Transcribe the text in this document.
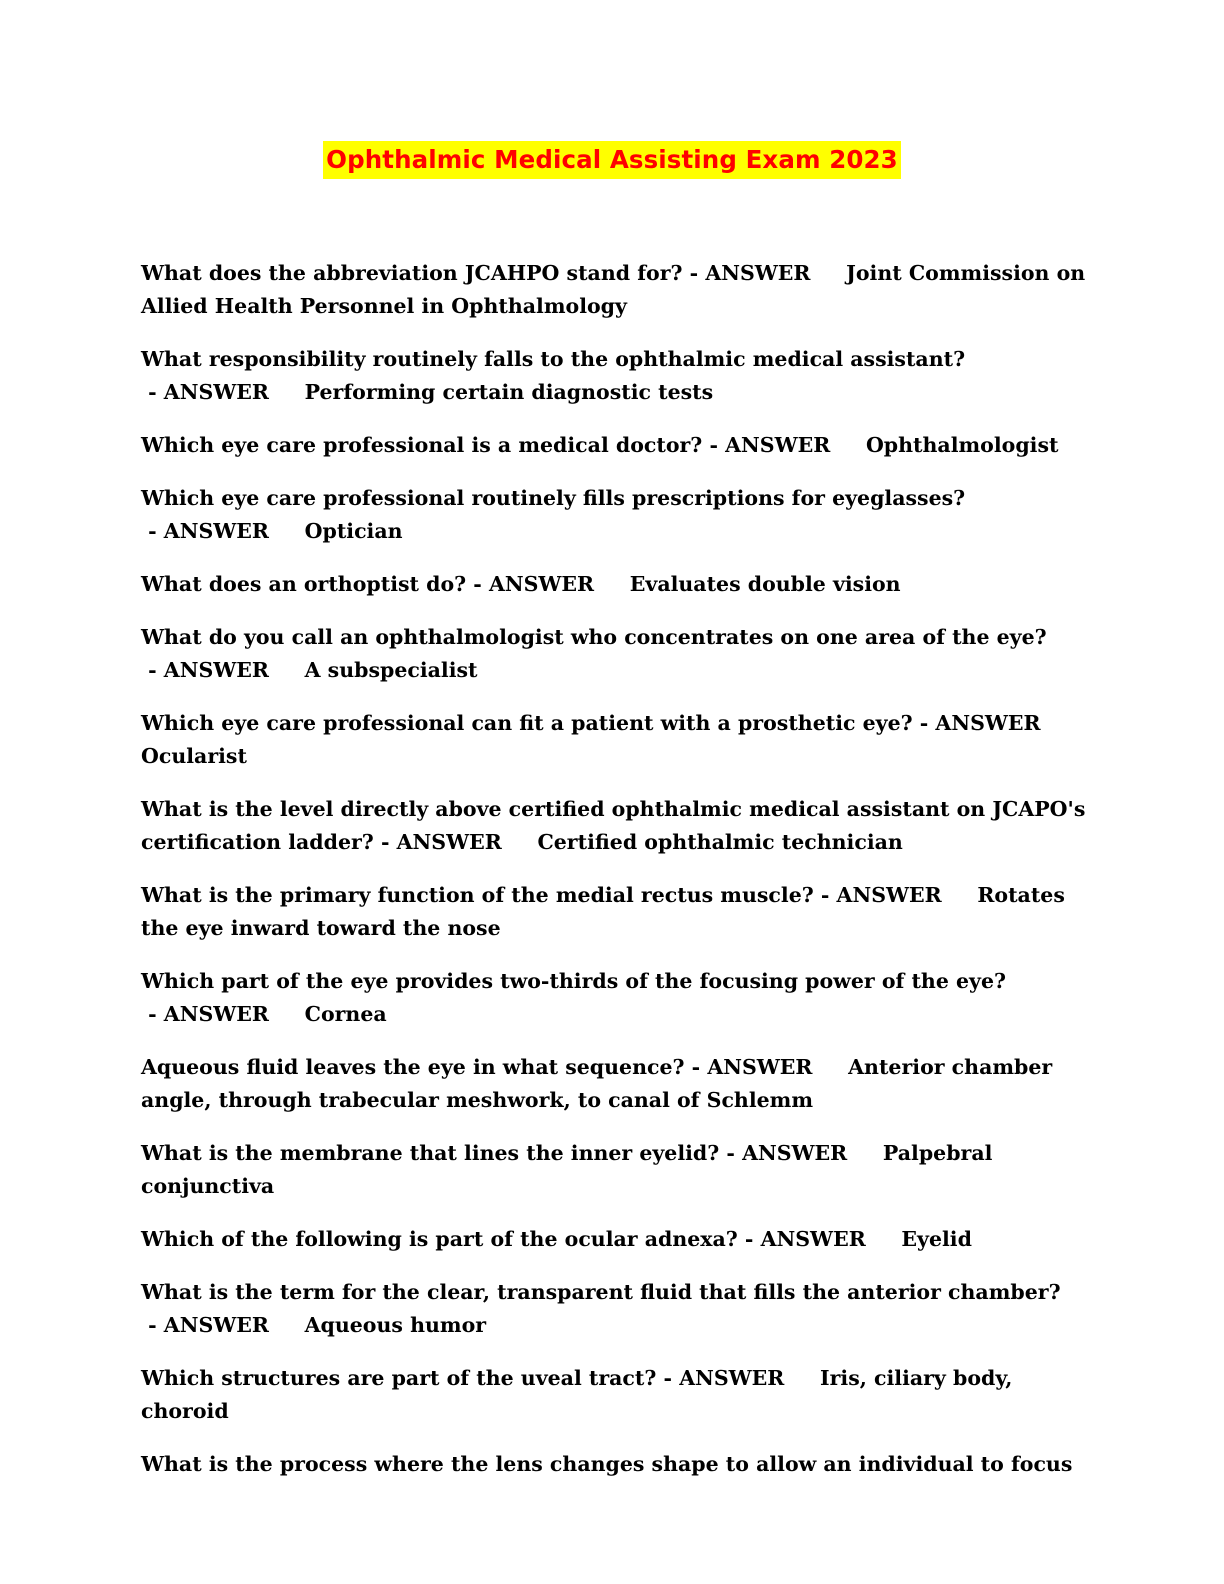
Ophthalmic Medical Assisting Exam 2023

What does the abbreviation JCAHPO stand for? - ANSWER Joint Commission on Allied Health Personnel in Ophthalmology

What responsibility routinely falls to the ophthalmic medical assistant? - ANSWER Performing certain diagnostic tests

Which eye care professional is a medical doctor? - ANSWER Ophthalmologist

Which eye care professional routinely fills prescriptions for eyeglasses? - ANSWER Optician

What does an orthoptist do? - ANSWER Evaluates double vision

What do you call an ophthalmologist who concentrates on one area of the eye? - ANSWER A subspecialist

Which eye care professional can fit a patient with a prosthetic eye? - ANSWER     Ocularist

What is the level directly above certified ophthalmic medical assistant on JCAPO's certification ladder? - ANSWER Certified ophthalmic technician

What is the primary function of the medial rectus muscle? - ANSWER Rotates the eye inward toward the nose

Which part of the eye provides two-thirds of the focusing power of the eye? - ANSWER Cornea

Aqueous fluid leaves the eye in what sequence? - ANSWER Anterior chamber angle, through trabecular meshwork, to canal of Schlemm

What is the membrane that lines the inner eyelid? - ANSWER Palpebral conjunctiva

Which of the following is part of the ocular adnexa? - ANSWER Eyelid

What is the term for the clear, transparent fluid that fills the anterior chamber? - ANSWER Aqueous humor

Which structures are part of the uveal tract? - ANSWER Iris, ciliary body, choroid

What is the process where the lens changes shape to allow an individual to focus
